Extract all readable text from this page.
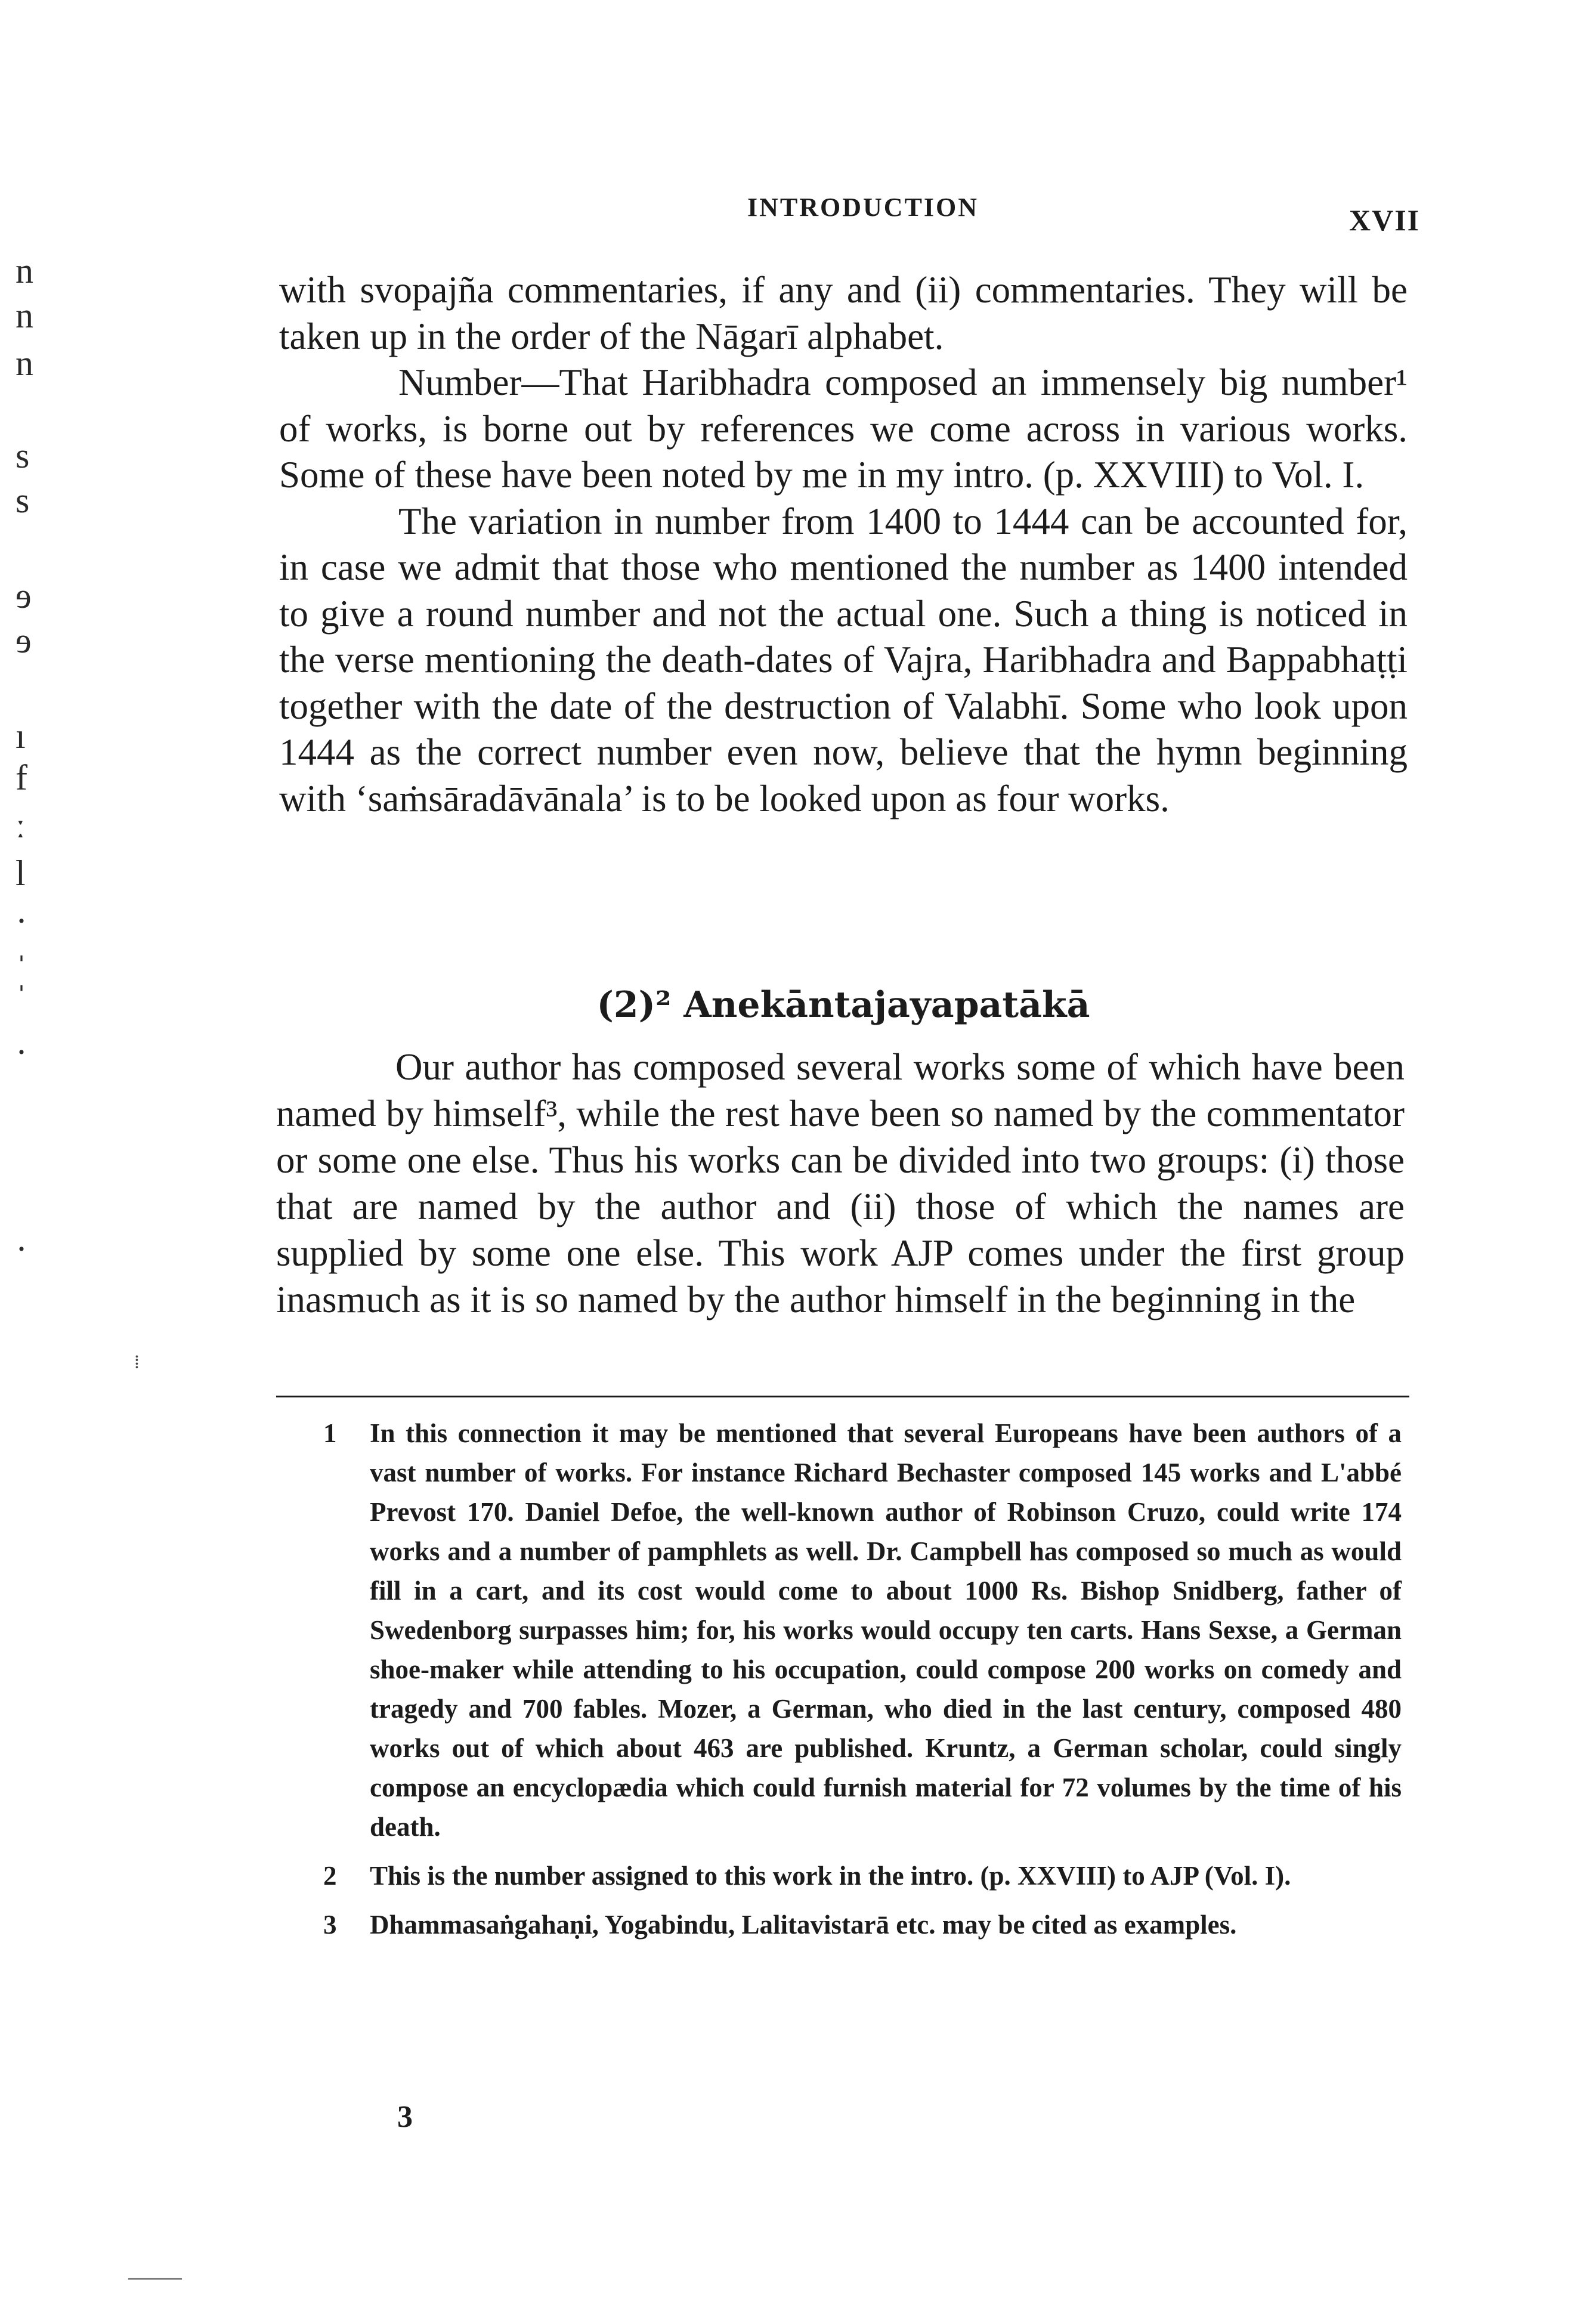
INTRODUCTION	XVII
n
n
n
s
s
ɘ
ɘ
ı
f
ː
l
·
ˈ
ˈ
·
·

with svopajña commentaries, if any and (ii) commentaries. They will be taken up in the order of the Nāgarī alphabet.

Number—That Haribhadra composed an immensely big number¹ of works, is borne out by references we come across in various works. Some of these have been noted by me in my intro. (p. XXVIII) to Vol. I.

The variation in number from 1400 to 1444 can be accounted for, in case we admit that those who mentioned the number as 1400 intended to give a round number and not the actual one. Such a thing is noticed in the verse mentioning the death-dates of Vajra, Haribhadra and Bappabhaṭṭi together with the date of the destruction of Valabhī. Some who look upon 1444 as the correct number even now, believe that the hymn beginning with ‘saṁsāradāvānala’ is to be looked upon as four works.

(2)² Anekāntajayapatākā

Our author has composed several works some of which have been named by himself³, while the rest have been so named by the commentator or some one else. Thus his works can be divided into two groups: (i) those that are named by the author and (ii) those of which the names are supplied by some one else. This work AJP comes under the first group inasmuch as it is so named by the author himself in the beginning in the

⁞
1 In this connection it may be mentioned that several Europeans have been authors of a vast number of works. For instance Richard Bechaster composed 145 works and L'abbé Prevost 170. Daniel Defoe, the well-known author of Robinson Cruzo, could write 174 works and a number of pamphlets as well. Dr. Campbell has composed so much as would fill in a cart, and its cost would come to about 1000 Rs. Bishop Snidberg, father of Swedenborg surpasses him; for, his works would occupy ten carts. Hans Sexse, a German shoe-maker while attending to his occupation, could compose 200 works on comedy and tragedy and 700 fables. Mozer, a German, who died in the last century, composed 480 works out of which about 463 are published. Kruntz, a German scholar, could singly compose an encyclopædia which could furnish material for 72 volumes by the time of his death.
2 This is the number assigned to this work in the intro. (p. XXVIII) to AJP (Vol. I).
3 Dhammasaṅgahaṇi, Yogabindu, Lalitavistarā etc. may be cited as examples.
3
